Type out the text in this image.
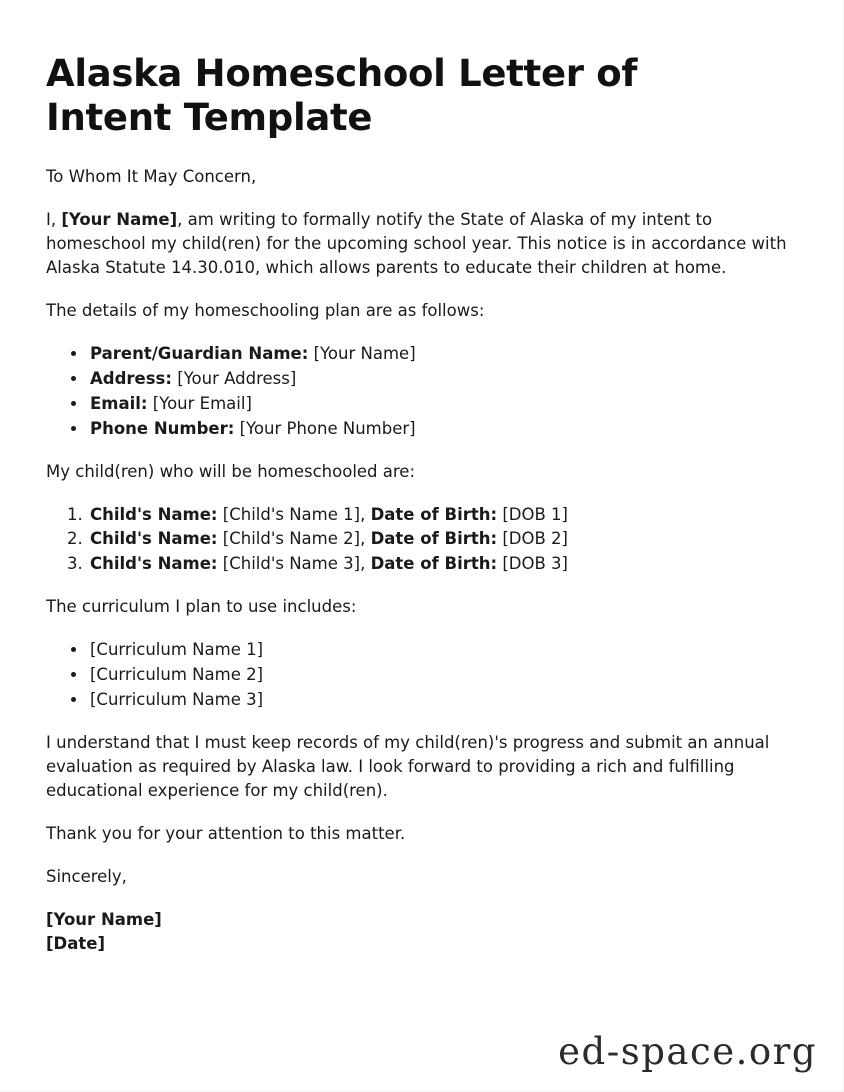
Alaska Homeschool Letter of Intent Template

To Whom It May Concern,

I, [Your Name], am writing to formally notify the State of Alaska of my intent to homeschool my child(ren) for the upcoming school year. This notice is in accordance with Alaska Statute 14.30.010, which allows parents to educate their children at home.

The details of my homeschooling plan are as follows:

• Parent/Guardian Name: [Your Name]
• Address: [Your Address]
• Email: [Your Email]
• Phone Number: [Your Phone Number]

My child(ren) who will be homeschooled are:

1. Child's Name: [Child's Name 1], Date of Birth: [DOB 1]
2. Child's Name: [Child's Name 2], Date of Birth: [DOB 2]
3. Child's Name: [Child's Name 3], Date of Birth: [DOB 3]

The curriculum I plan to use includes:

• [Curriculum Name 1]
• [Curriculum Name 2]
• [Curriculum Name 3]

I understand that I must keep records of my child(ren)'s progress and submit an annual evaluation as required by Alaska law. I look forward to providing a rich and fulfilling educational experience for my child(ren).

Thank you for your attention to this matter.

Sincerely,

[Your Name]
[Date]

ed-space.org
